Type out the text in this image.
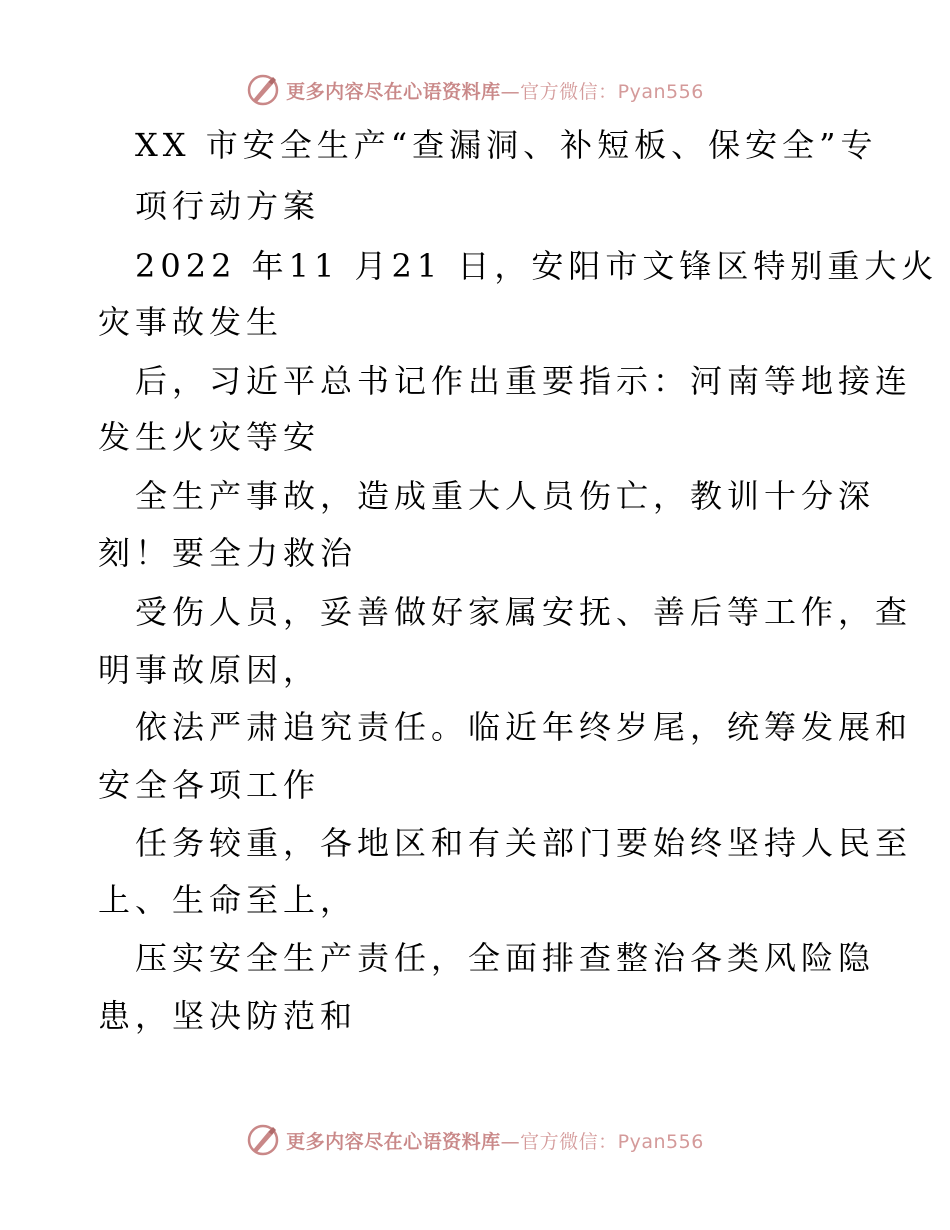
更多内容尽在心语资料库—官方微信：Pyan556
XX 市安全生产“查漏洞、补短板、保安全”专
项行动方案
2022 年11 月21 日，安阳市文锋区特别重大火
灾事故发生
后，习近平总书记作出重要指示：河南等地接连
发生火灾等安
全生产事故，造成重大人员伤亡，教训十分深
刻！要全力救治
受伤人员，妥善做好家属安抚、善后等工作，查
明事故原因，
依法严肃追究责任。临近年终岁尾，统筹发展和
安全各项工作
任务较重，各地区和有关部门要始终坚持人民至
上、生命至上，
压实安全生产责任，全面排查整治各类风险隐
患，坚决防范和
更多内容尽在心语资料库—官方微信：Pyan556
